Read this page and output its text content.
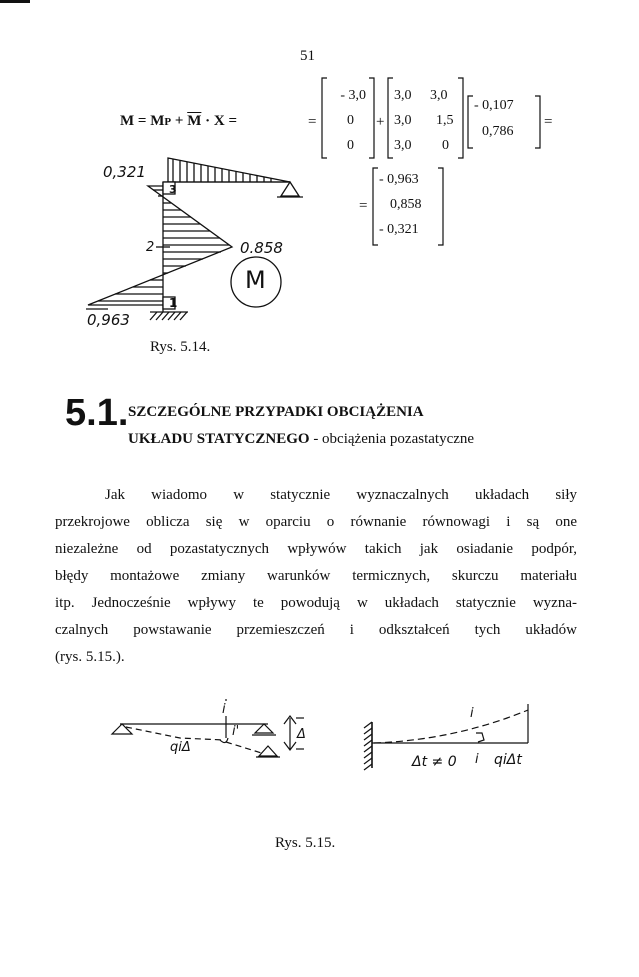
51
M = MP + $\overline{M} \cdot X$ =	=	+	=
=
- 3,0
0
0
3,0 3,0
3,0 1,5
3,0 0
- 0,107
0,786
- 0,963
0,858
- 0,321
0,321
3
2	0.858
1
0,963
M
Rys. 5.14.
5.1. SZCZEGÓLNE PRZYPADKI OBCIĄŻENIA
UKŁADU STATYCZNEGO - obciążenia pozastatyczne
Jak wiadomo w statycznie wyznaczalnych układach siły
przekrojowe oblicza się w oparciu o równanie równowagi i są one
niezależne od pozastatycznych wpływów takich jak osiadanie podpór,
błędy montażowe zmiany warunków termicznych, skurczu materiału
itp. Jednocześnie wpływy te powodują w układach statycznie wyzna-
czalnych powstawanie przemieszczeń i odkształceń tych układów
(rys. 5.15.).
i
i'
qiΔ
Δ
i
Δt ≠ 0 i qiΔt
Rys. 5.15.
